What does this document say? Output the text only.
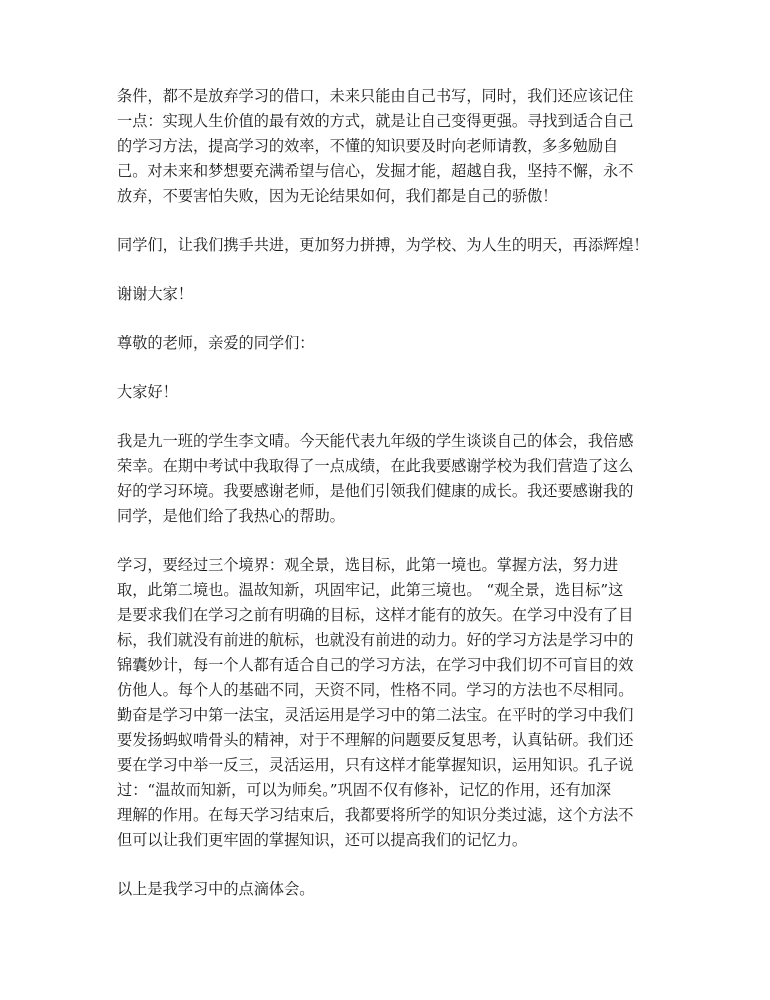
条件，都不是放弃学习的借口，未来只能由自己书写，同时，我们还应该记住
一点：实现人生价值的最有效的方式，就是让自己变得更强。寻找到适合自己
的学习方法，提高学习的效率，不懂的知识要及时向老师请教，多多勉励自
己。对未来和梦想要充满希望与信心，发掘才能，超越自我，坚持不懈，永不
放弃，不要害怕失败，因为无论结果如何，我们都是自己的骄傲！
同学们，让我们携手共进，更加努力拼搏，为学校、为人生的明天，再添辉煌！
谢谢大家！
尊敬的老师，亲爱的同学们：
大家好！
我是九一班的学生李文晴。今天能代表九年级的学生谈谈自己的体会，我倍感
荣幸。在期中考试中我取得了一点成绩，在此我要感谢学校为我们营造了这么
好的学习环境。我要感谢老师，是他们引领我们健康的成长。我还要感谢我的
同学，是他们给了我热心的帮助。
学习，要经过三个境界：观全景，选目标，此第一境也。掌握方法，努力进
取，此第二境也。温故知新，巩固牢记，此第三境也。 “观全景，选目标”这
是要求我们在学习之前有明确的目标，这样才能有的放矢。在学习中没有了目
标，我们就没有前进的航标，也就没有前进的动力。好的学习方法是学习中的
锦囊妙计，每一个人都有适合自己的学习方法，在学习中我们切不可盲目的效
仿他人。每个人的基础不同，天资不同，性格不同。学习的方法也不尽相同。
勤奋是学习中第一法宝，灵活运用是学习中的第二法宝。在平时的学习中我们
要发扬蚂蚁啃骨头的精神，对于不理解的问题要反复思考，认真钻研。我们还
要在学习中举一反三，灵活运用，只有这样才能掌握知识，运用知识。孔子说
过：“温故而知新，可以为师矣。”巩固不仅有修补，记忆的作用，还有加深
理解的作用。在每天学习结束后，我都要将所学的知识分类过滤，这个方法不
但可以让我们更牢固的掌握知识，还可以提高我们的记忆力。
以上是我学习中的点滴体会。
